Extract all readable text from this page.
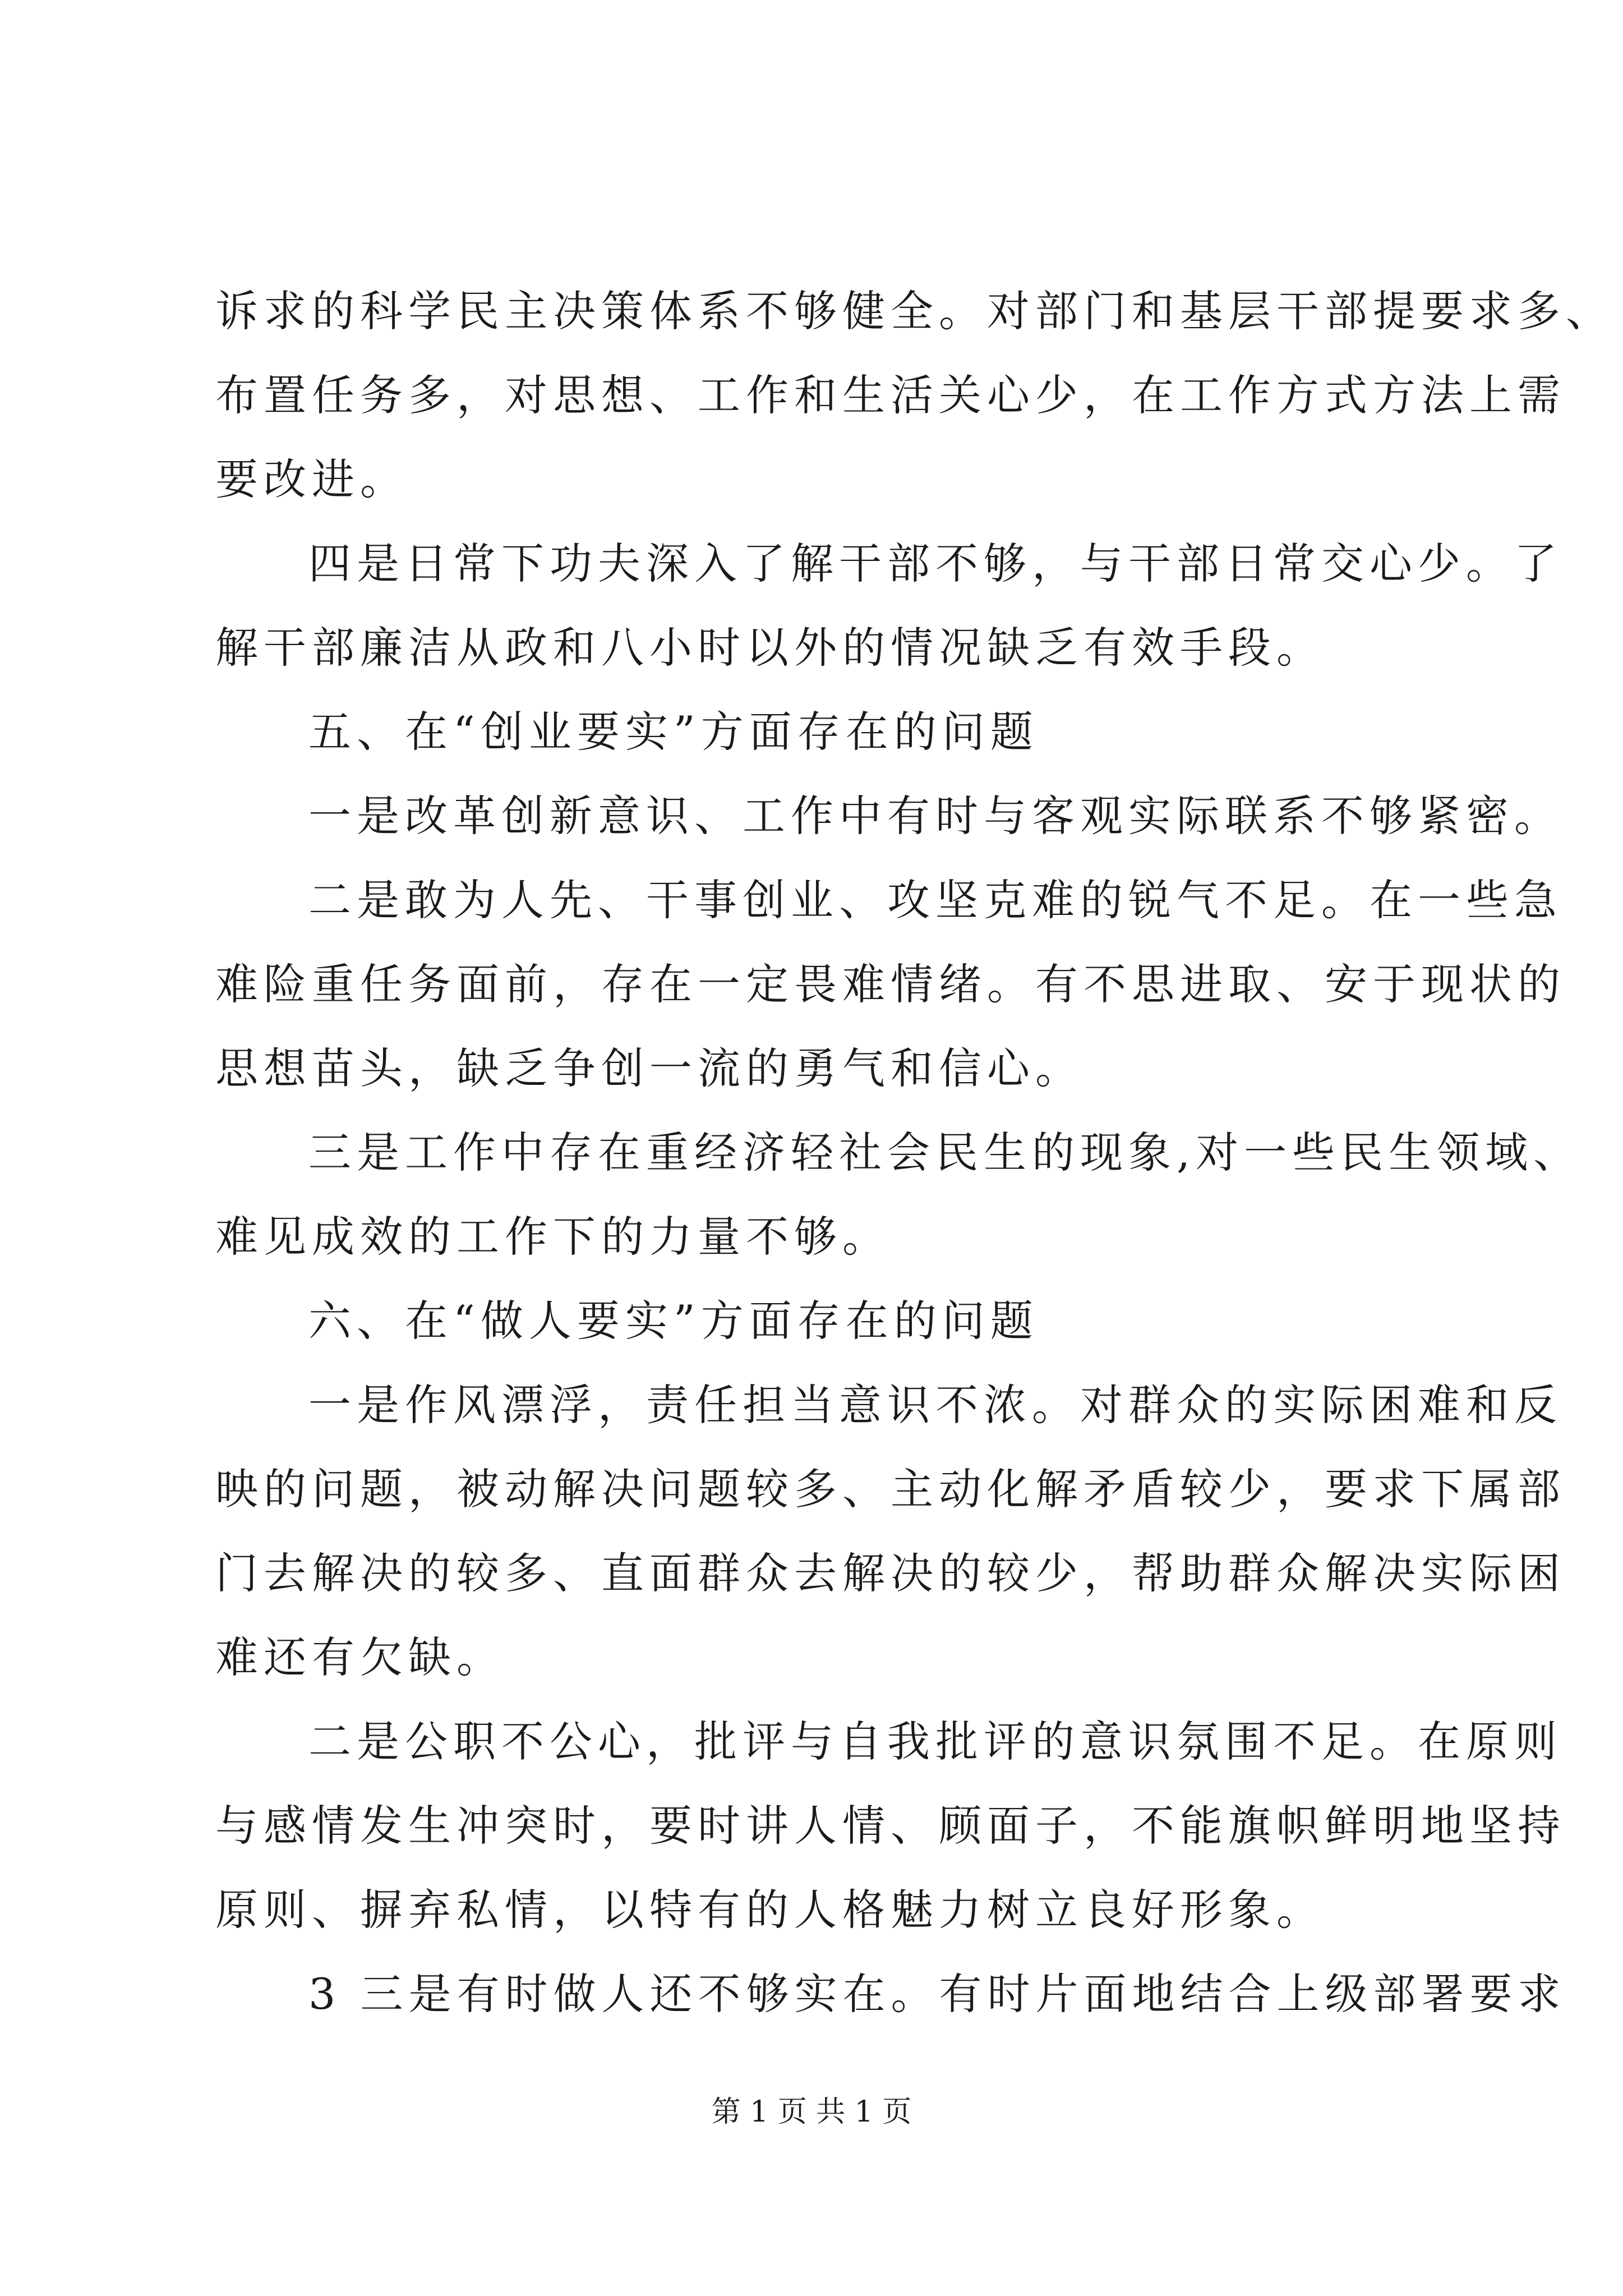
诉求的科学民主决策体系不够健全。对部门和基层干部提要求多、
布置任务多，对思想、工作和生活关心少，在工作方式方法上需
要改进。
四是日常下功夫深入了解干部不够，与干部日常交心少。了
解干部廉洁从政和八小时以外的情况缺乏有效手段。
五、在“创业要实”方面存在的问题
一是改革创新意识、工作中有时与客观实际联系不够紧密。
二是敢为人先、干事创业、攻坚克难的锐气不足。在一些急
难险重任务面前，存在一定畏难情绪。有不思进取、安于现状的
思想苗头，缺乏争创一流的勇气和信心。
三是工作中存在重经济轻社会民生的现象,对一些民生领域、
难见成效的工作下的力量不够。
六、在“做人要实”方面存在的问题
一是作风漂浮，责任担当意识不浓。对群众的实际困难和反
映的问题，被动解决问题较多、主动化解矛盾较少，要求下属部
门去解决的较多、直面群众去解决的较少，帮助群众解决实际困
难还有欠缺。
二是公职不公心，批评与自我批评的意识氛围不足。在原则
与感情发生冲突时，要时讲人情、顾面子，不能旗帜鲜明地坚持
原则、摒弃私情，以特有的人格魅力树立良好形象。
3 三是有时做人还不够实在。有时片面地结合上级部署要求
第 1 页 共 1 页
